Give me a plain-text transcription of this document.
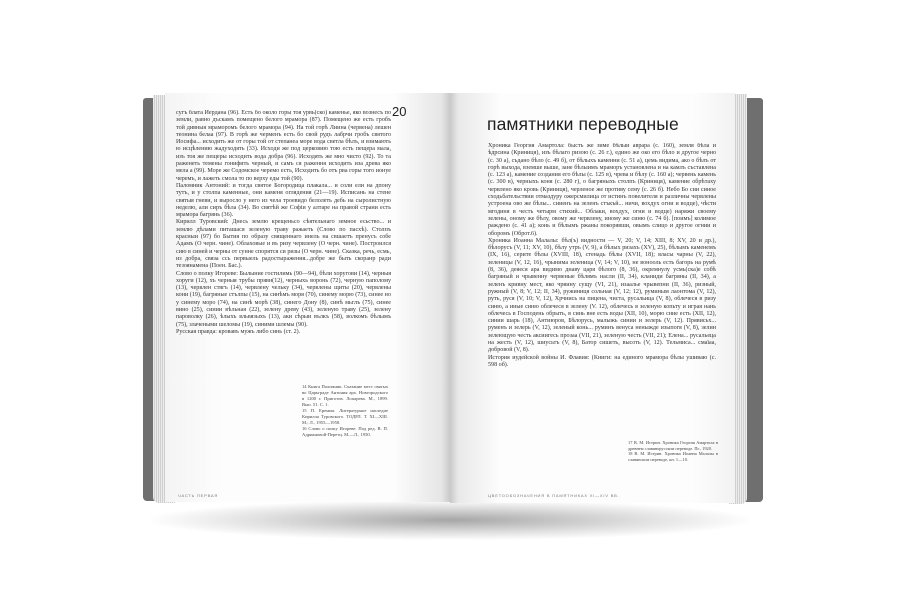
20

сугъ блата Иердана (96). Есть бо около горы тоя урвь(ско) каменье, яко вознесъ по земли, равно дъскамъ помещено белого мрамора (87). Помещено же есть гробъ той дивныя мраморомъ белого мрамора (94). На той горѣ Лиина (червена) лешен теонина белаа (97). В горѣ же черменъ есть бо свой рудъ лабрчи гробъ святого Иосифа... исходить же от горы той от степанеа море вода светла бѣлъ, и взимають ю исцѣлению жадуходять (33). Исходи же под церковию тою есть пещера мала, изъ тоя же пещеры исходить вода добра (96). Исходять же мно чисто (92). То та раженеть темены гонифить черный, и самъ ся раження исходить иза древа яко мела а (99). Море же Содомское черемо есть, Исходить бо отъ рва горы того ионуе черемъ, и лажеть смола то по верху еды той (90).

Паломник Антоний: и тогда святое Богородица плакала... и соли ели на дпону тутъ, и у столпа каменные, они каменя оглядения (21—19). Исписань на стене святыя гневи, и выросло у него из чела троевидо белолеть дебь на сыролистную неделю, али сиръ бѣла (34). Во святѣй же Софіи у алтаре на правой страни есть мрамора багрянь (36).

Кирилл Туровский: Днесь землю крещеньсо сѣятельнаго земное есьство... и землю дѣлами питашася зеленую траву ражаеть (Слово по пасхѣ). Столпъ красныи (97) бо Бытия по образу священнаго инель на свшаетъ пренусъ собе Адамъ (О черн. чине). Облаховые и въ ризу червлену (О черн. чине). Построился сию в синей и черны от сунне спорятся си ризы (О черн. чине). Сказка, речь, есмь, из добра, связа ссь первыель радостыражения...добре же быть скоранр ради тезоянамена (Поен. Бас.).

Слово о полку Игореве: Былыние гостилимь (90—94), бѣли хоругови (14), черныя хоруги (12), хъ черныя трубы прявн(12), черныхь воронь (72), черную паполому (13), червлен стягъ (14), червлену чельку (34), червлены щиты (20), червлены кони (19), багряные стълпы (15), на синѣмъ моря (70), синему морю (73), синее но у синему моро (74), на синѣ морѣ (38), синего Дону (8), синѣ мьглъ (75), синее вино (25), синии вѣльная (22), зелену древу (43), зеленую траву (25), зелену пароволку (26), ѣлыхъ вльвязыхъ (13), аки сѣрыи вълкъ (58), волкомъ бѣлымъ (75), злачеными шеломы (19), синими шлемы (90).

Русская правда: кровавъ мужъ либо синь (ст. 2).

14 Книга Паломник. Сказание мест святых во Царьграде Антония арх. Новгородского в 1200 г. Приготов. Лопарева. М., 1899. Вып. 51. С. 1.

15 П. Еремин. Литературное наследие Кирилла Туровского. ТОДРЛ. Т. XI—XIII. М.; Л., 1955—1958.

16 Слово о полку Игореве. Под ред. В. П. Адриановой-Перетц. М.—Л., 1950.

ЧАСТЬ ПЕРВАЯ
памятники переводные

Хроника Георгия Амартола: бысть же зиме бѣлыи аврара (с. 160), земля бѣла и ѣдрсина (Криниця), изъ бѣлаго ризою (с. 26 г.), едино же око его бѣло и другое черно (с. 30 а), съдано бѣло (с. 49 б), от бѣлыхъ каменни (с. 51 а), цемь видима, ако о бѣлъ от горѣ выхода, вземше выше, зане бѣлыимъ мраморъ установлена и на камлъ съставлена (с. 123 а), камение создания его бѣлы (с. 125 в), чрева и бѣлу (с. 160 а); червень камень (с. 300 в), черныхъ коня (с. 280 г), о багряныхъ столпъ (Криниця), камение обрѣтаху червлено яко кровь (Криниця), черленое же противу сему (с. 26 б). Небо Бо сии синое сходьбательствии отмаздуру ожерсмилица от истинъ повелителя и различны червлены устроена ово же бѣлы... сииенъ на зеленъ стъкъй... ничи, вохдух огни и водце), чѣсти мгодиня в честь четырм стихий... Облаки, вохдух, огни и водце) наряжи своему зелены, оному же бѣлу, овому же червлену, иному же синю (с. 74 б). [поимъ] колимое раждено (с. 41 а); конь и бѣлымъ ржаны покорявши, овымъ слицо и другое огнии и оборомъ (Оброт.6).

Хроника Иоанна Малалы: бѣл(ъ) видности — V, 20; V, 14; XIII, 8; XV, 20 и др.), бѣлорусъ (V, 11; XV, 10), бѣлу утръ (V, 9), а бѣлых ризахъ (XV), 25), бѣлымъ каменемъ (IX, 16), серите бѣлы (XVIII, 18), стенадь бѣлы (XVII, 18); власы чарны (V, 22), зеленицы (V, 12, 16), чрынима зеленица (V, 14; V, 10), не вонооль есть багорь на румѣ (8, 36), деяеся ара видимо днаву царя бѣлого (8, 36), окремнулу усмь(ска)е собѣ багряный и чрывенну червеные бѣлямъ насли (II, 34), кланиди багряны (II, 34), а зеленъ кривну мест, яко чрвину сущу (VI, 21), изаалье чрывепни (II, 36), ризный, ружный (V, 8; V, 12; II, 34), ружиниця сольная (V, 12; 12), руминым лаонтома (V, 12), руть, руся (V, 10; V, 12), Хрчнись на пицена, чиста, русальица (V, 8), облечеся в ризу синю, а иные синю облечеся в зелену (V. 12), облечесь в зеленую копьту и играя нань облечесь в Господень обрыть, в синь вне есть воды (XII, 10), морю сние есть (XII, 12), синии шарь (18), Антиюров, Бѣлорусь, малыжь синии и зелерь (V, 12). Прявисьх... руменъ и зелерь (V, 12), зеленый конь... руминъ венуса неныжде изыпогя (V, 8), зелин зелеющую честь аксиигесь прозаа (VII, 21), зеленую честь (VII, 21); Елена... русальеца на жесть (V, 12), шиусьтъ (V, 8), Батор сишеть, высоть (V, 12). Тельмиса... смаїаа, добровой (V, 8).

История иудейской войны И. Флавия: (Книги: на единого мрамора бѣлы ушиваю (с. 598 об).

17 В. М. Истрин. Хроника Георгия Амартола в древнем славянорусском переводе. Пг., 1920.

18 В. М. Истрин. Хроника Иоанна Малалы в славянском переводе, кн. 1—10.

ЦВЕТООБОЗНАЧЕНИЯ В ПАМЯТНИКАХ XI—XIV ВВ.
